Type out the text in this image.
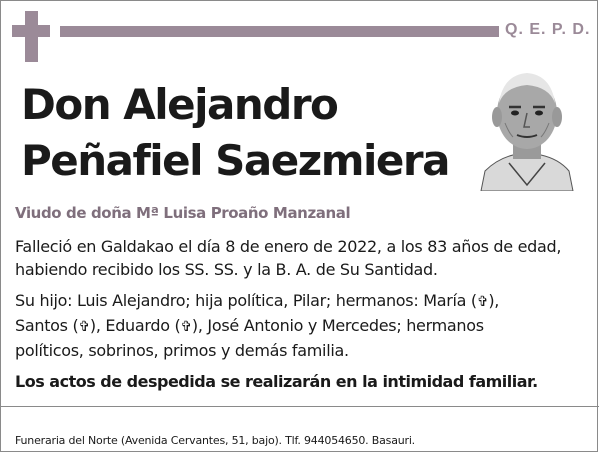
Q. E. P. D.
Don Alejandro
Peñafiel Saezmiera
Viudo de doña Mª Luisa Proaño Manzanal
Falleció en Galdakao el día 8 de enero de 2022, a los 83 años de edad,
habiendo recibido los SS. SS. y la B. A. de Su Santidad.
Su hijo: Luis Alejandro; hija política, Pilar; hermanos: María (✞),
Santos (✞), Eduardo (✞), José Antonio y Mercedes; hermanos
políticos, sobrinos, primos y demás familia.
Los actos de despedida se realizarán en la intimidad familiar.
Funeraria del Norte (Avenida Cervantes, 51, bajo). Tlf. 944054650. Basauri.
